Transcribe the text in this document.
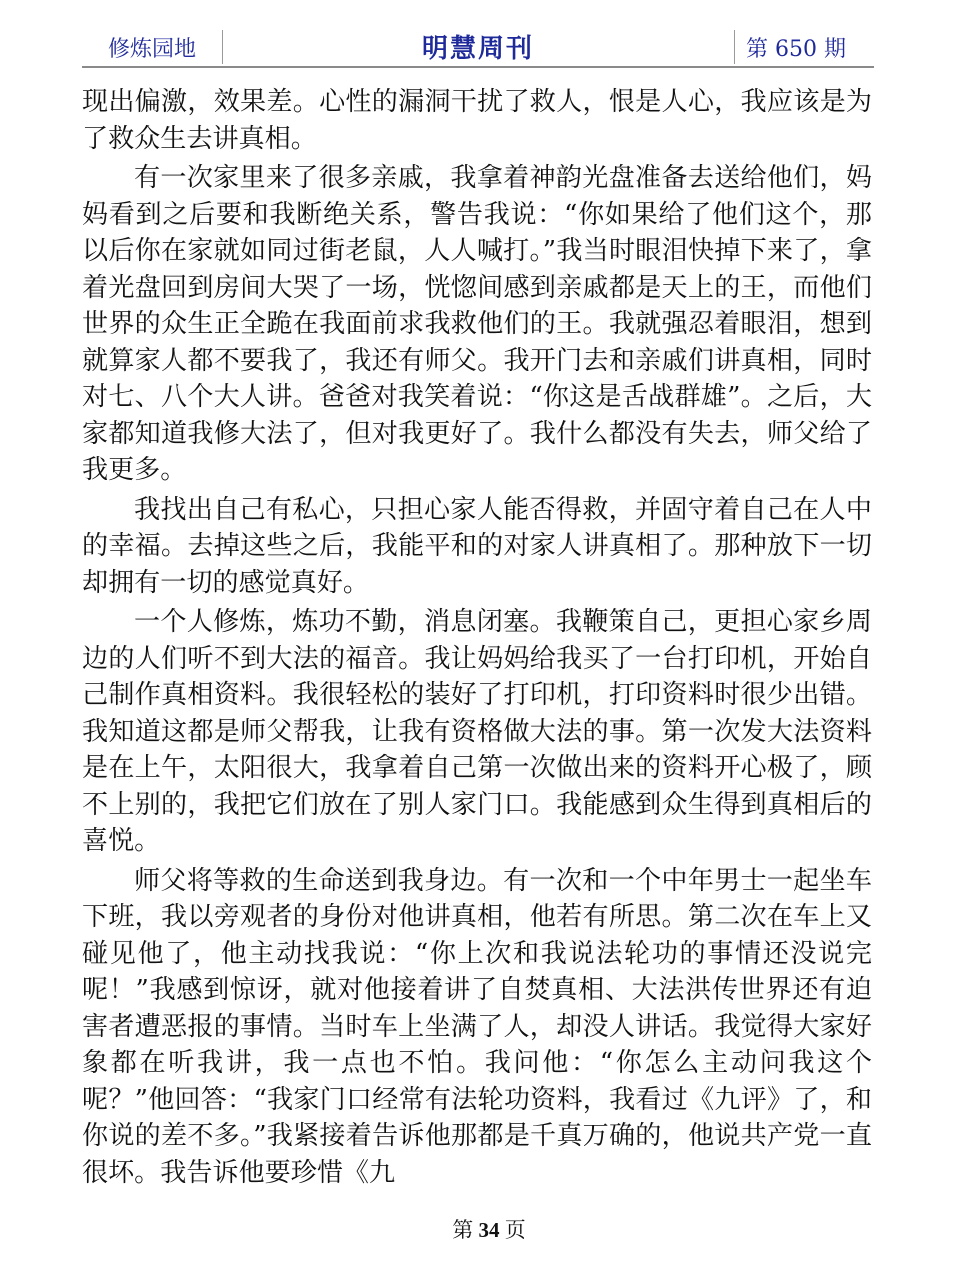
修炼园地	明慧周刊	第 650 期

现出偏激，效果差。心性的漏洞干扰了救人，恨是人心，我应该是为了救众生去讲真相。

有一次家里来了很多亲戚，我拿着神韵光盘准备去送给他们，妈妈看到之后要和我断绝关系，警告我说：“你如果给了他们这个，那以后你在家就如同过街老鼠，人人喊打。”我当时眼泪快掉下来了，拿着光盘回到房间大哭了一场，恍惚间感到亲戚都是天上的王，而他们世界的众生正全跪在我面前求我救他们的王。我就强忍着眼泪，想到就算家人都不要我了，我还有师父。我开门去和亲戚们讲真相，同时对七、八个大人讲。爸爸对我笑着说：“你这是舌战群雄”。之后，大家都知道我修大法了，但对我更好了。我什么都没有失去，师父给了我更多。

我找出自己有私心，只担心家人能否得救，并固守着自己在人中的幸福。去掉这些之后，我能平和的对家人讲真相了。那种放下一切却拥有一切的感觉真好。

一个人修炼，炼功不勤，消息闭塞。我鞭策自己，更担心家乡周边的人们听不到大法的福音。我让妈妈给我买了一台打印机，开始自己制作真相资料。我很轻松的装好了打印机，打印资料时很少出错。我知道这都是师父帮我，让我有资格做大法的事。第一次发大法资料是在上午，太阳很大，我拿着自己第一次做出来的资料开心极了，顾不上别的，我把它们放在了别人家门口。我能感到众生得到真相后的喜悦。

师父将等救的生命送到我身边。有一次和一个中年男士一起坐车下班，我以旁观者的身份对他讲真相，他若有所思。第二次在车上又碰见他了，他主动找我说：“你上次和我说法轮功的事情还没说完呢！”我感到惊讶，就对他接着讲了自焚真相、大法洪传世界还有迫害者遭恶报的事情。当时车上坐满了人，却没人讲话。我觉得大家好象都在听我讲，我一点也不怕。我问他：“你怎么主动问我这个呢？”他回答：“我家门口经常有法轮功资料，我看过《九评》了，和你说的差不多。”我紧接着告诉他那都是千真万确的，他说共产党一直很坏。我告诉他要珍惜《九

第 34 页
